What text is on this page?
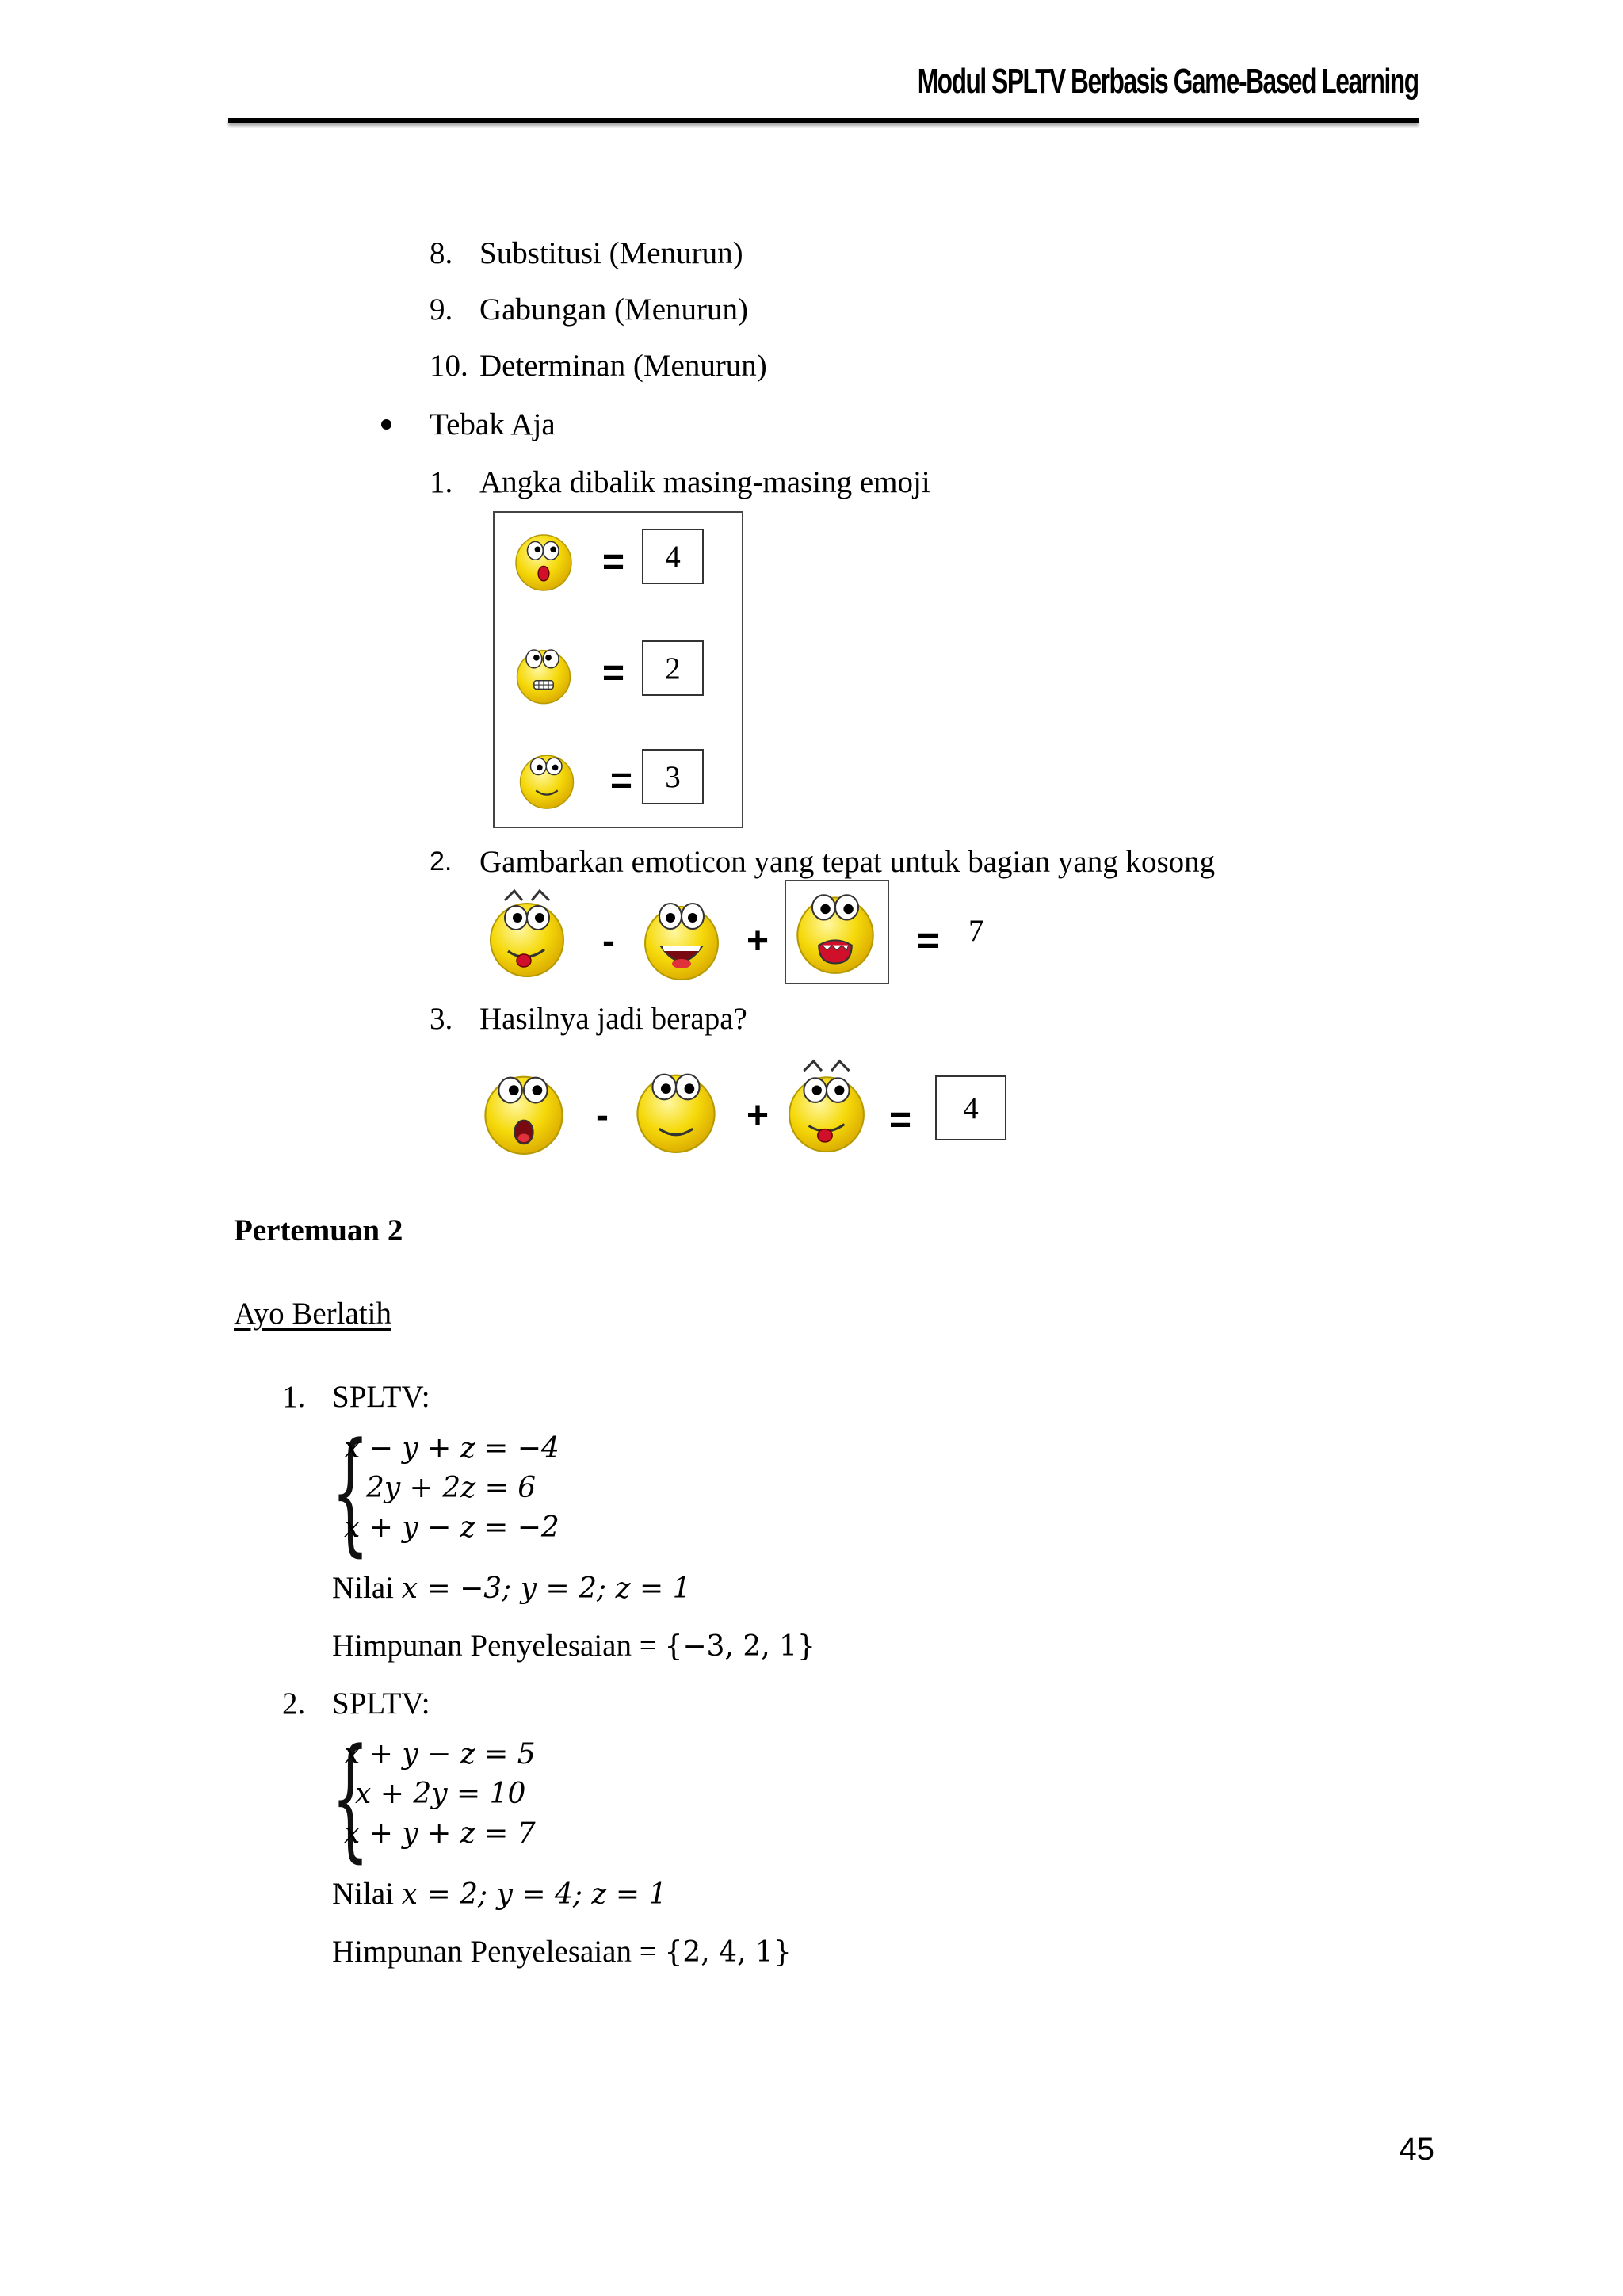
Modul SPLTV Berbasis Game-Based Learning
8. Substitusi (Menurun)
9. Gabungan (Menurun)
10. Determinan (Menurun)
Tebak Aja
1. Angka dibalik masing-masing emoji
= 4
= 2
= 3
2. Gambarkan emoticon yang tepat untuk bagian yang kosong
-	+	= 7
3. Hasilnya jadi berapa?
-	+	= 4
Pertemuan 2
Ayo Berlatih
1. SPLTV:
{
x − y + z = −4
2y + 2z = 6
x + y − z = −2
Nilai x = −3; y = 2; z = 1
Himpunan Penyelesaian = {−3, 2, 1}
2. SPLTV:
{
x + y − z = 5
x + 2y = 10
x + y + z = 7
Nilai x = 2; y = 4; z = 1
Himpunan Penyelesaian = {2, 4, 1}
45
